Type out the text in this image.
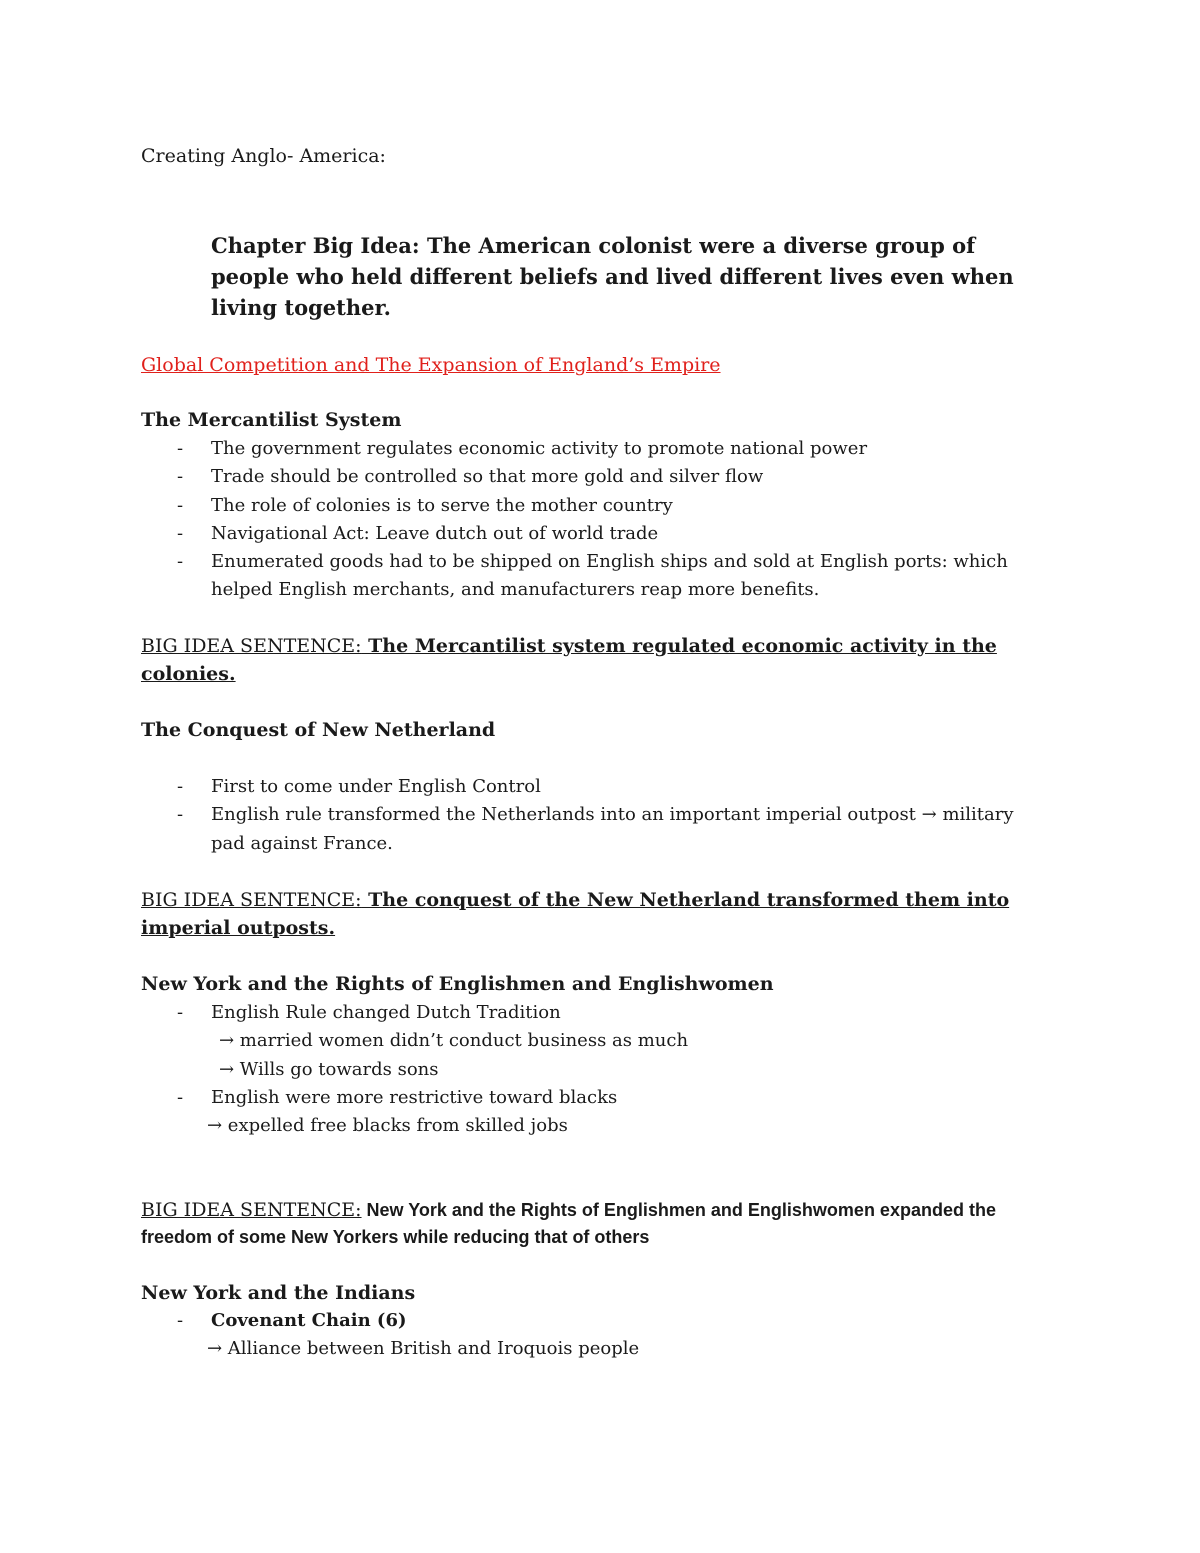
Creating Anglo- America:

Chapter Big Idea: The American colonist were a diverse group of

people who held different beliefs and lived different lives even when

living together.

Global Competition and The Expansion of England’s Empire
The Mercantilist System
- The government regulates economic activity to promote national power
- Trade should be controlled so that more gold and silver flow
- The role of colonies is to serve the mother country
- Navigational Act: Leave dutch out of world trade
- Enumerated goods had to be shipped on English ships and sold at English ports: which
helped English merchants, and manufacturers reap more benefits.

BIG IDEA SENTENCE: The Mercantilist system regulated economic activity in the

colonies.

The Conquest of New Netherland
- First to come under English Control
- English rule transformed the Netherlands into an important imperial outpost → military
pad against France.

BIG IDEA SENTENCE: The conquest of the New Netherland transformed them into

imperial outposts.

New York and the Rights of Englishmen and Englishwomen
- English Rule changed Dutch Tradition
→ married women didn’t conduct business as much
→ Wills go towards sons
- English were more restrictive toward blacks
→ expelled free blacks from skilled jobs

BIG IDEA SENTENCE: New York and the Rights of Englishmen and Englishwomen expanded the

freedom of some New Yorkers while reducing that of others

New York and the Indians
- Covenant Chain (6)
→ Alliance between British and Iroquois people
